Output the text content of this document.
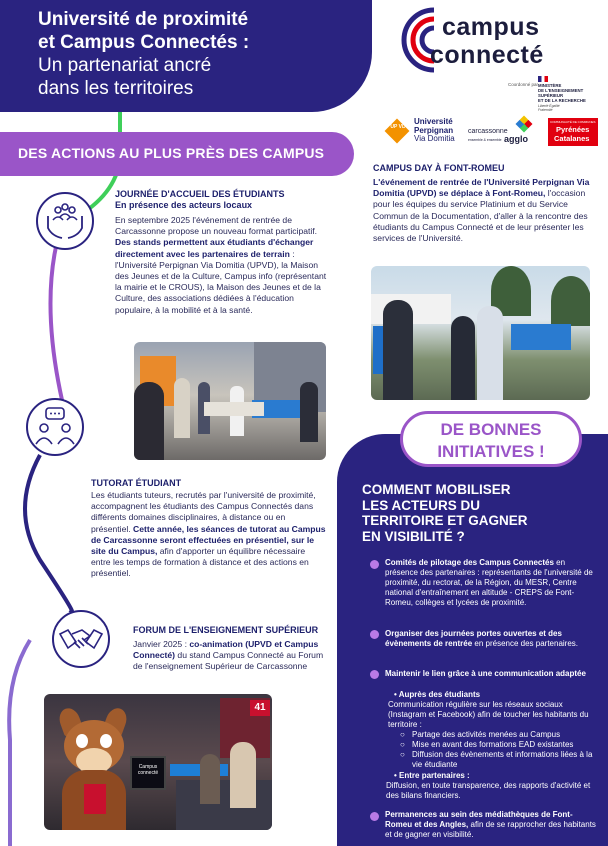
Université de proximité
et Campus Connectés :
Un partenariat ancré
dans les territoires
campus
connecté
Coordonné par MINISTÈRE
DE L'ENSEIGNEMENT
SUPÉRIEUR
ET DE LA RECHERCHE
Liberté Égalité Fraternité
UP VD
Université
Perpignan
Via Domitia
carcassonne
agglo
ensemble & ensemble
COMMUNAUTÉ DE COMMUNES
Pyrénées
Catalanes
DES ACTIONS AU PLUS PRÈS DES CAMPUS
JOURNÉE D'ACCUEIL DES ÉTUDIANTS
En présence des acteurs locaux
En septembre 2025 l'événement de rentrée de Carcassonne propose un nouveau format participatif. Des stands permettent aux étudiants d'échanger directement avec les partenaires de terrain : l'Université Perpignan Via Domitia (UPVD), la Maison des Jeunes et de la Culture, Campus info (représentant la mairie et le CROUS), la Maison des Jeunes et de la Culture, des associations dédiées à l'éducation populaire, à la mobilité et à la santé.
TUTORAT ÉTUDIANT
Les étudiants tuteurs, recrutés par l'université de proximité, accompagnent les étudiants des Campus Connectés dans différents domaines disciplinaires, à distance ou en présentiel. Cette année, les séances de tutorat au Campus de Carcassonne seront effectuées en présentiel, sur le site du Campus, afin d'apporter un équilibre nécessaire entre les temps de formation à distance et des actions en présentiel.
FORUM DE L'ENSEIGNEMENT SUPÉRIEUR
Janvier 2025 : co-animation (UPVD et Campus Connecté) du stand Campus Connecté au Forum de l'enseignement Supérieur de Carcassonne
41
Campus connecté
CAMPUS DAY À FONT-ROMEU
L'événement de rentrée de l'Université Perpignan Via Domitia (UPVD) se déplace à Font-Romeu, l'occasion pour les équipes du service Platinium et du Service Commun de la Documentation, d'aller à la rencontre des étudiants du Campus Connecté et de leur présenter les services de l'Université.
DE BONNES
INITIATIVES !
COMMENT MOBILISER
LES ACTEURS DU
TERRITOIRE ET GAGNER
EN VISIBILITÉ ?
Comités de pilotage des Campus Connectés en présence des partenaires : représentants de l'université de proximité, du rectorat, de la Région, du MESR, Centre national d'entraînement en altitude - CREPS de Font-Romeu, collèges et lycées de proximité.
Organiser des journées portes ouvertes et des évènements de rentrée en présence des partenaires.
Maintenir le lien grâce à une communication adaptée
• Auprès des étudiants
Communication régulière sur les réseaux sociaux (Instagram et Facebook) afin de toucher les habitants du territoire :
○ Partage des activités menées au Campus
○ Mise en avant des formations EAD existantes
○ Diffusion des évènements et informations liées à la vie étudiante
• Entre partenaires :
Diffusion, en toute transparence, des rapports d'activité et des bilans financiers.
Permanences au sein des médiathèques de Font-Romeu et des Angles, afin de se rapprocher des habitants et de gagner en visibilité.
